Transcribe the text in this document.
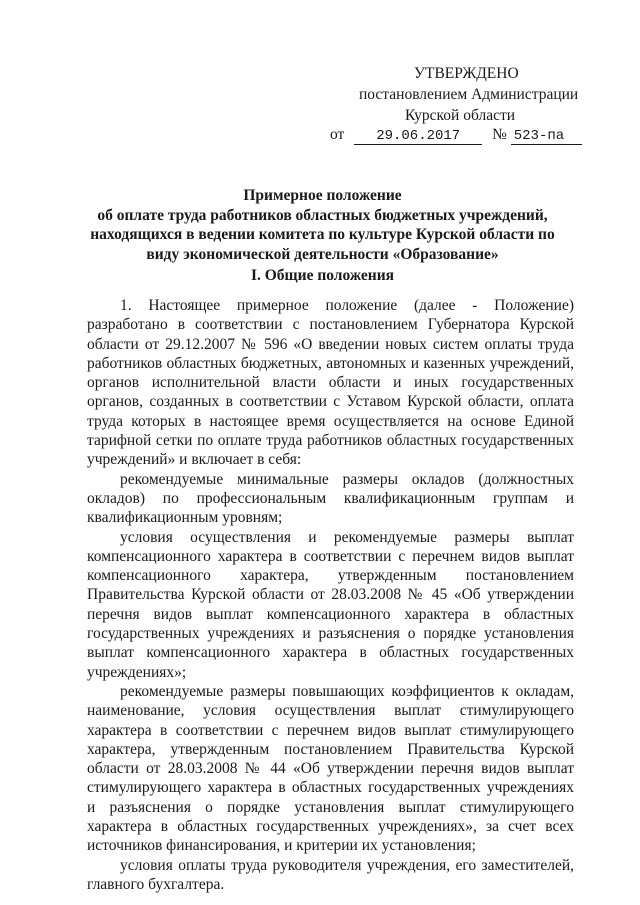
УТВЕРЖДЕНО
постановлением Администрации
Курской области
от 29.06.2017 № 523-па
Примерное положение
об оплате труда работников областных бюджетных учреждений,
находящихся в ведении комитета по культуре Курской области по
виду экономической деятельности «Образование»
I. Общие положения

1. Настоящее примерное положение (далее - Положение) разработано в соответствии с постановлением Губернатора Курской области от 29.12.2007 № 596 «О введении новых систем оплаты труда работников областных бюджетных, автономных и казенных учреждений, органов исполнительной власти области и иных государственных органов, созданных в соответствии с Уставом Курской области, оплата труда которых в настоящее время осуществляется на основе Единой тарифной сетки по оплате труда работников областных государственных учреждений» и включает в себя:

рекомендуемые минимальные размеры окладов (должностных окладов) по профессиональным квалификационным группам и квалификационным уровням;

условия осуществления и рекомендуемые размеры выплат компенсационного характера в соответствии с перечнем видов выплат компенсационного характера, утвержденным постановлением Правительства Курской области от 28.03.2008 № 45 «Об утверждении перечня видов выплат компенсационного характера в областных государственных учреждениях и разъяснения о порядке установления выплат компенсационного характера в областных государственных учреждениях»;

рекомендуемые размеры повышающих коэффициентов к окладам, наименование, условия осуществления выплат стимулирующего характера в соответствии с перечнем видов выплат стимулирующего характера, утвержденным постановлением Правительства Курской области от 28.03.2008 № 44 «Об утверждении перечня видов выплат стимулирующего характера в областных государственных учреждениях и разъяснения о порядке установления выплат стимулирующего характера в областных государственных учреждениях», за счет всех источников финансирования, и критерии их установления;

условия оплаты труда руководителя учреждения, его заместителей, главного бухгалтера.
